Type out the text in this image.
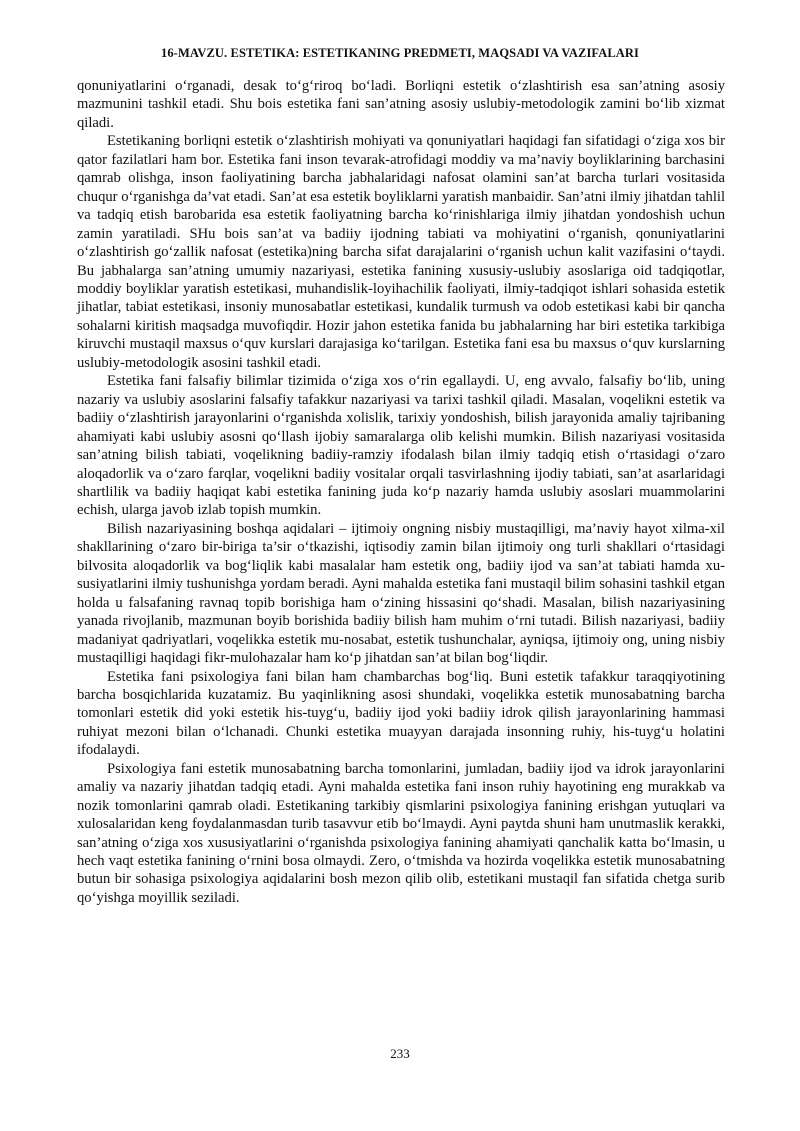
16-MAVZU. ESTETIKA: ESTETIKANING PREDMETI, MAQSADI VA VAZIFALARI

qonuniyatlarini o‘rganadi, desak to‘g‘riroq bo‘ladi. Borliqni estetik o‘zlashtirish esa san’atning asosiy mazmunini tashkil etadi. Shu bois estetika fani san’atning asosiy uslubiy-metodologik zamini bo‘lib xizmat qiladi.

Estetikaning borliqni estetik o‘zlashtirish mohiyati va qonuniyatlari haqidagi fan sifatidagi o‘ziga xos bir qator fazilatlari ham bor. Estetika fani inson tevarak-atrofidagi moddiy va ma’naviy boyliklarining barchasini qamrab olishga, inson faoliyatining barcha jabhalaridagi nafosat olamini san’at barcha turlari vositasida chuqur o‘rganishga da’vat etadi. San’at esa estetik boyliklarni yaratish manbaidir. San’atni ilmiy jihatdan tahlil va tadqiq etish barobarida esa estetik faoliyatning barcha ko‘rinishlariga ilmiy jihatdan yondoshish uchun zamin yaratiladi. SHu bois san’at va badiiy ijodning tabiati va mohiyatini o‘rganish, qonuniyatlarini o‘zlashtirish go‘zallik nafosat (estetika)ning barcha sifat darajalarini o‘rganish uchun kalit vazifasini o‘taydi. Bu jabhalarga san’atning umumiy nazariyasi, estetika fanining xususiy-uslubiy asoslariga oid tadqiqotlar, moddiy boyliklar yaratish estetikasi, muhandislik-loyihachilik faoliyati, ilmiy-tadqiqot ishlari sohasida estetik jihatlar, tabiat estetikasi, insoniy munosabatlar estetikasi, kundalik turmush va odob estetikasi kabi bir qancha sohalarni kiritish maqsadga muvofiqdir. Hozir jahon estetika fanida bu jabhalarning har biri estetika tarkibiga kiruvchi mustaqil maxsus o‘quv kurslari darajasiga ko‘tarilgan. Estetika fani esa bu maxsus o‘quv kurslarning uslubiy-metodologik asosini tashkil etadi.

Estetika fani falsafiy bilimlar tizimida o‘ziga xos o‘rin egallaydi. U, eng avvalo, falsafiy bo‘lib, uning nazariy va uslubiy asoslarini falsafiy tafakkur nazariyasi va tarixi tashkil qiladi. Masalan, voqelikni estetik va badiiy o‘zlashtirish jarayonlarini o‘rganishda xolislik, tarixiy yondoshish, bilish jarayonida amaliy tajribaning ahamiyati kabi uslubiy asosni qo‘llash ijobiy samaralarga olib kelishi mumkin. Bilish nazariyasi vositasida san’atning bilish tabiati, voqelikning badiiy-ramziy ifodalash bilan ilmiy tadqiq etish o‘rtasidagi o‘zaro aloqadorlik va o‘zaro farqlar, voqelikni badiiy vositalar orqali tasvirlashning ijodiy tabiati, san’at asarlaridagi shartlilik va badiiy haqiqat kabi estetika fanining juda ko‘p nazariy hamda uslubiy asoslari muammolarini echish, ularga javob izlab topish mumkin.

Bilish nazariyasining boshqa aqidalari – ijtimoiy ongning nisbiy mustaqilligi, ma’naviy hayot xilma-xil shakllarining o‘zaro bir-biriga ta’sir o‘tkazishi, iqtisodiy zamin bilan ijtimoiy ong turli shakllari o‘rtasidagi bilvosita aloqadorlik va bog‘liqlik kabi masalalar ham estetik ong, badiiy ijod va san’at tabiati hamda xu-susiyatlarini ilmiy tushunishga yordam beradi. Ayni mahalda estetika fani mustaqil bilim sohasini tashkil etgan holda u falsafaning ravnaq topib borishiga ham o‘zining hissasini qo‘shadi. Masalan, bilish nazariyasining yanada rivojlanib, mazmunan boyib borishida badiiy bilish ham muhim o‘rni tutadi. Bilish nazariyasi, badiiy madaniyat qadriyatlari, voqelikka estetik mu-nosabat, estetik tushunchalar, ayniqsa, ijtimoiy ong, uning nisbiy mustaqilligi haqidagi fikr-mulohazalar ham ko‘p jihatdan san’at bilan bog‘liqdir.

Estetika fani psixologiya fani bilan ham chambarchas bog‘liq. Buni estetik tafakkur taraqqiyotining barcha bosqichlarida kuzatamiz. Bu yaqinlikning asosi shundaki, voqelikka estetik munosabatning barcha tomonlari estetik did yoki estetik his-tuyg‘u, badiiy ijod yoki badiiy idrok qilish jarayonlarining hammasi ruhiyat mezoni bilan o‘lchanadi. Chunki estetika muayyan darajada insonning ruhiy, his-tuyg‘u holatini ifodalaydi.

Psixologiya fani estetik munosabatning barcha tomonlarini, jumladan, badiiy ijod va idrok jarayonlarini amaliy va nazariy jihatdan tadqiq etadi. Ayni mahalda estetika fani inson ruhiy hayotining eng murakkab va nozik tomonlarini qamrab oladi. Estetikaning tarkibiy qismlarini psixologiya fanining erishgan yutuqlari va xulosalaridan keng foydalanmasdan turib tasavvur etib bo‘lmaydi. Ayni paytda shuni ham unutmaslik kerakki, san’atning o‘ziga xos xususiyatlarini o‘rganishda psixologiya fanining ahamiyati qanchalik katta bo‘lmasin, u hech vaqt estetika fanining o‘rnini bosa olmaydi. Zero, o‘tmishda va hozirda voqelikka estetik munosabatning butun bir sohasiga psixologiya aqidalarini bosh mezon qilib olib, estetikani mustaqil fan sifatida chetga surib qo‘yishga moyillik seziladi.

233
